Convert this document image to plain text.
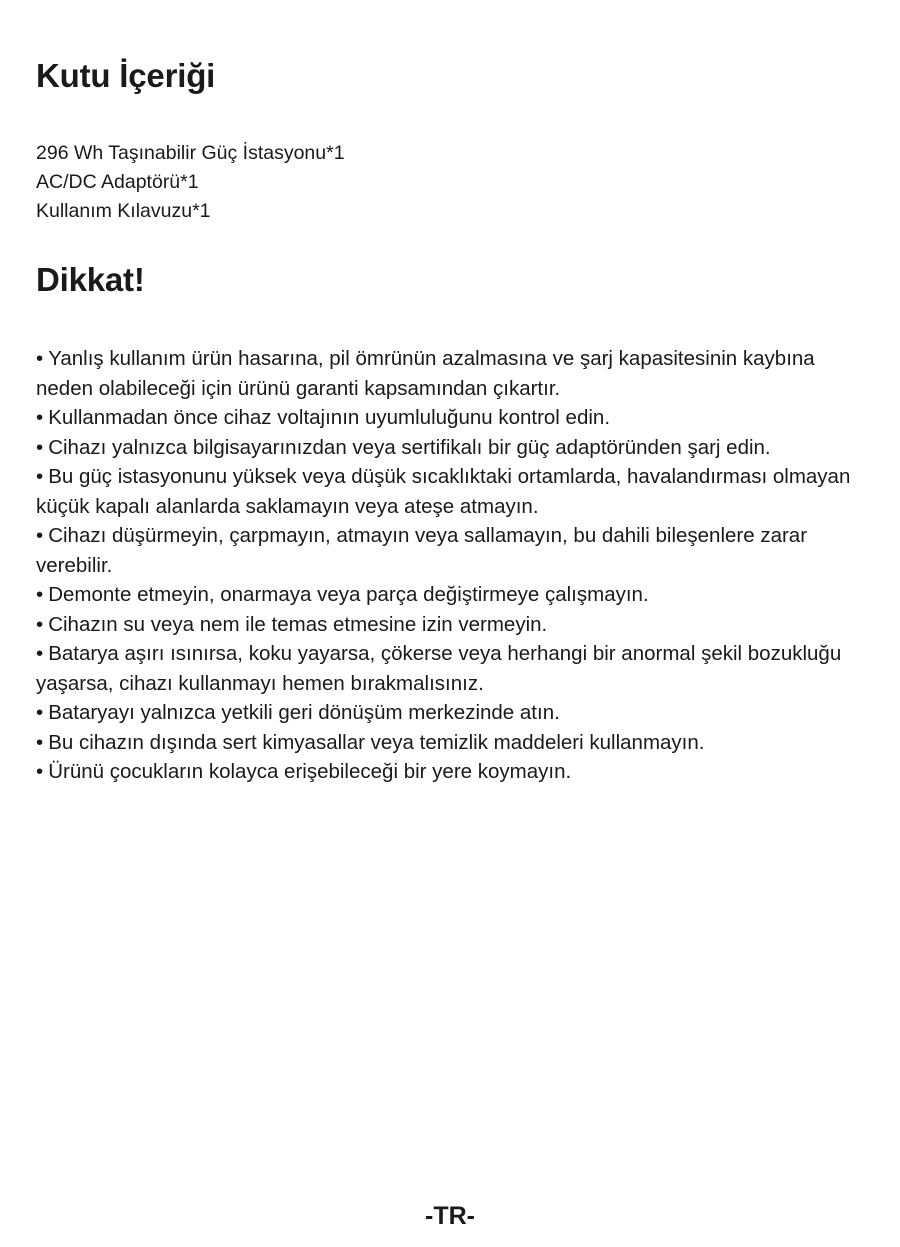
Kutu İçeriği
296 Wh Taşınabilir Güç İstasyonu*1
AC/DC Adaptörü*1
Kullanım Kılavuzu*1
Dikkat!
• Yanlış kullanım ürün hasarına, pil ömrünün azalmasına ve şarj kapasitesinin kaybına neden olabileceği için ürünü garanti kapsamından çıkartır.
• Kullanmadan önce cihaz voltajının uyumluluğunu kontrol edin.
• Cihazı yalnızca bilgisayarınızdan veya sertifikalı bir güç adaptöründen şarj edin.
• Bu güç istasyonunu yüksek veya düşük sıcaklıktaki ortamlarda, havalandırması olmayan küçük kapalı alanlarda saklamayın veya ateşe atmayın.
• Cihazı düşürmeyin, çarpmayın, atmayın veya sallamayın, bu dahili bileşenlere zarar verebilir.
• Demonte etmeyin, onarmaya veya parça değiştirmeye çalışmayın.
• Cihazın su veya nem ile temas etmesine izin vermeyin.
• Batarya aşırı ısınırsa, koku yayarsa, çökerse veya herhangi bir anormal şekil bozukluğu yaşarsa, cihazı kullanmayı hemen bırakmalısınız.
• Bataryayı yalnızca yetkili geri dönüşüm merkezinde atın.
• Bu cihazın dışında sert kimyasallar veya temizlik maddeleri kullanmayın.
• Ürünü çocukların kolayca erişebileceği bir yere koymayın.
-TR-
